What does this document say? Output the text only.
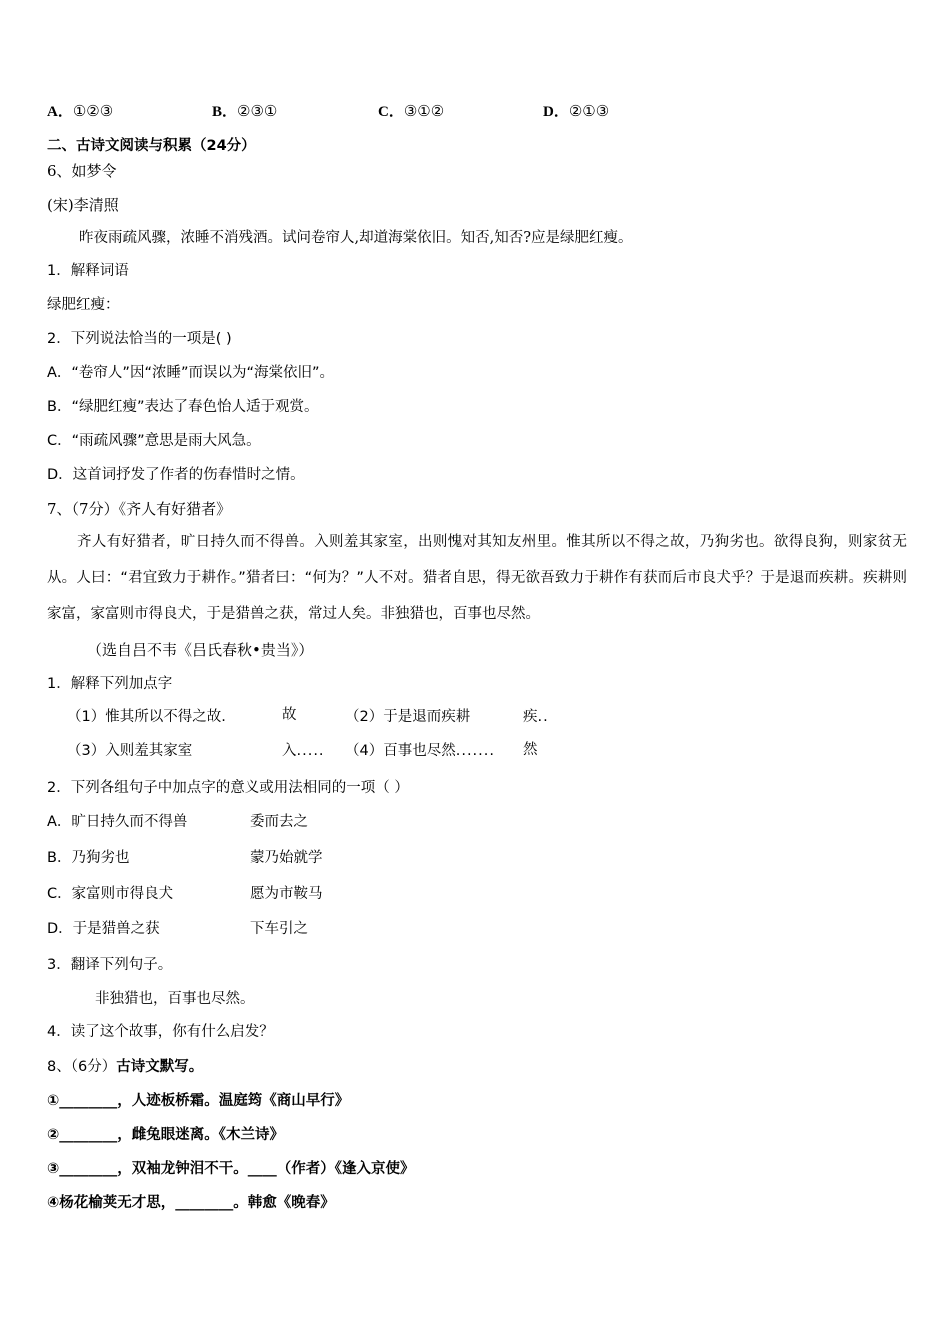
A．①②③	B．②③①	C．③①②	D．②①③
二、古诗文阅读与积累（24分）
6、如梦令
(宋)李清照
昨夜雨疏风骤，浓睡不消残酒。试问卷帘人,却道海棠依旧。知否,知否?应是绿肥红瘦。
1．解释词语
绿肥红瘦：
2．下列说法恰当的一项是( )
A．“卷帘人”因“浓睡”而误以为“海棠依旧”。
B．“绿肥红瘦”表达了春色怡人适于观赏。
C．“雨疏风骤”意思是雨大风急。
D．这首词抒发了作者的伤春惜时之情。
7、（7分）《齐人有好猎者》
齐人有好猎者，旷日持久而不得兽。入则羞其家室，出则愧对其知友州里。惟其所以不得之故，乃狗劣也。欲得良狗，则家贫无从。人曰：“君宜致力于耕作。”猎者曰：“何为？”人不对。猎者自思，得无欲吾致力于耕作有获而后市良犬乎？于是退而疾耕。疾耕则家富，家富则市得良犬，于是猎兽之获，常过人矣。非独猎也，百事也尽然。
（选自吕不韦《吕氏春秋•贵当》）
1．解释下列加点字
（1）惟其所以不得之故.	故	（2）于是退而疾耕	疾..
（3）入则羞其家室	入..... （4）百事也尽然....... 然
2．下列各组句子中加点字的意义或用法相同的一项（ ）
A．旷日持久而不得兽	委而去之
B．乃狗劣也	蒙乃始就学
C．家富则市得良犬	愿为市鞍马
D．于是猎兽之获	下车引之
3．翻译下列句子。
非独猎也，百事也尽然。
4．读了这个故事，你有什么启发？
8、（6分）古诗文默写。
①________，人迹板桥霜。温庭筠《商山早行》
②________，雌兔眼迷离。《木兰诗》
③________，双袖龙钟泪不干。____（作者）《逢入京使》
④杨花榆荚无才思，________。韩愈《晚春》
